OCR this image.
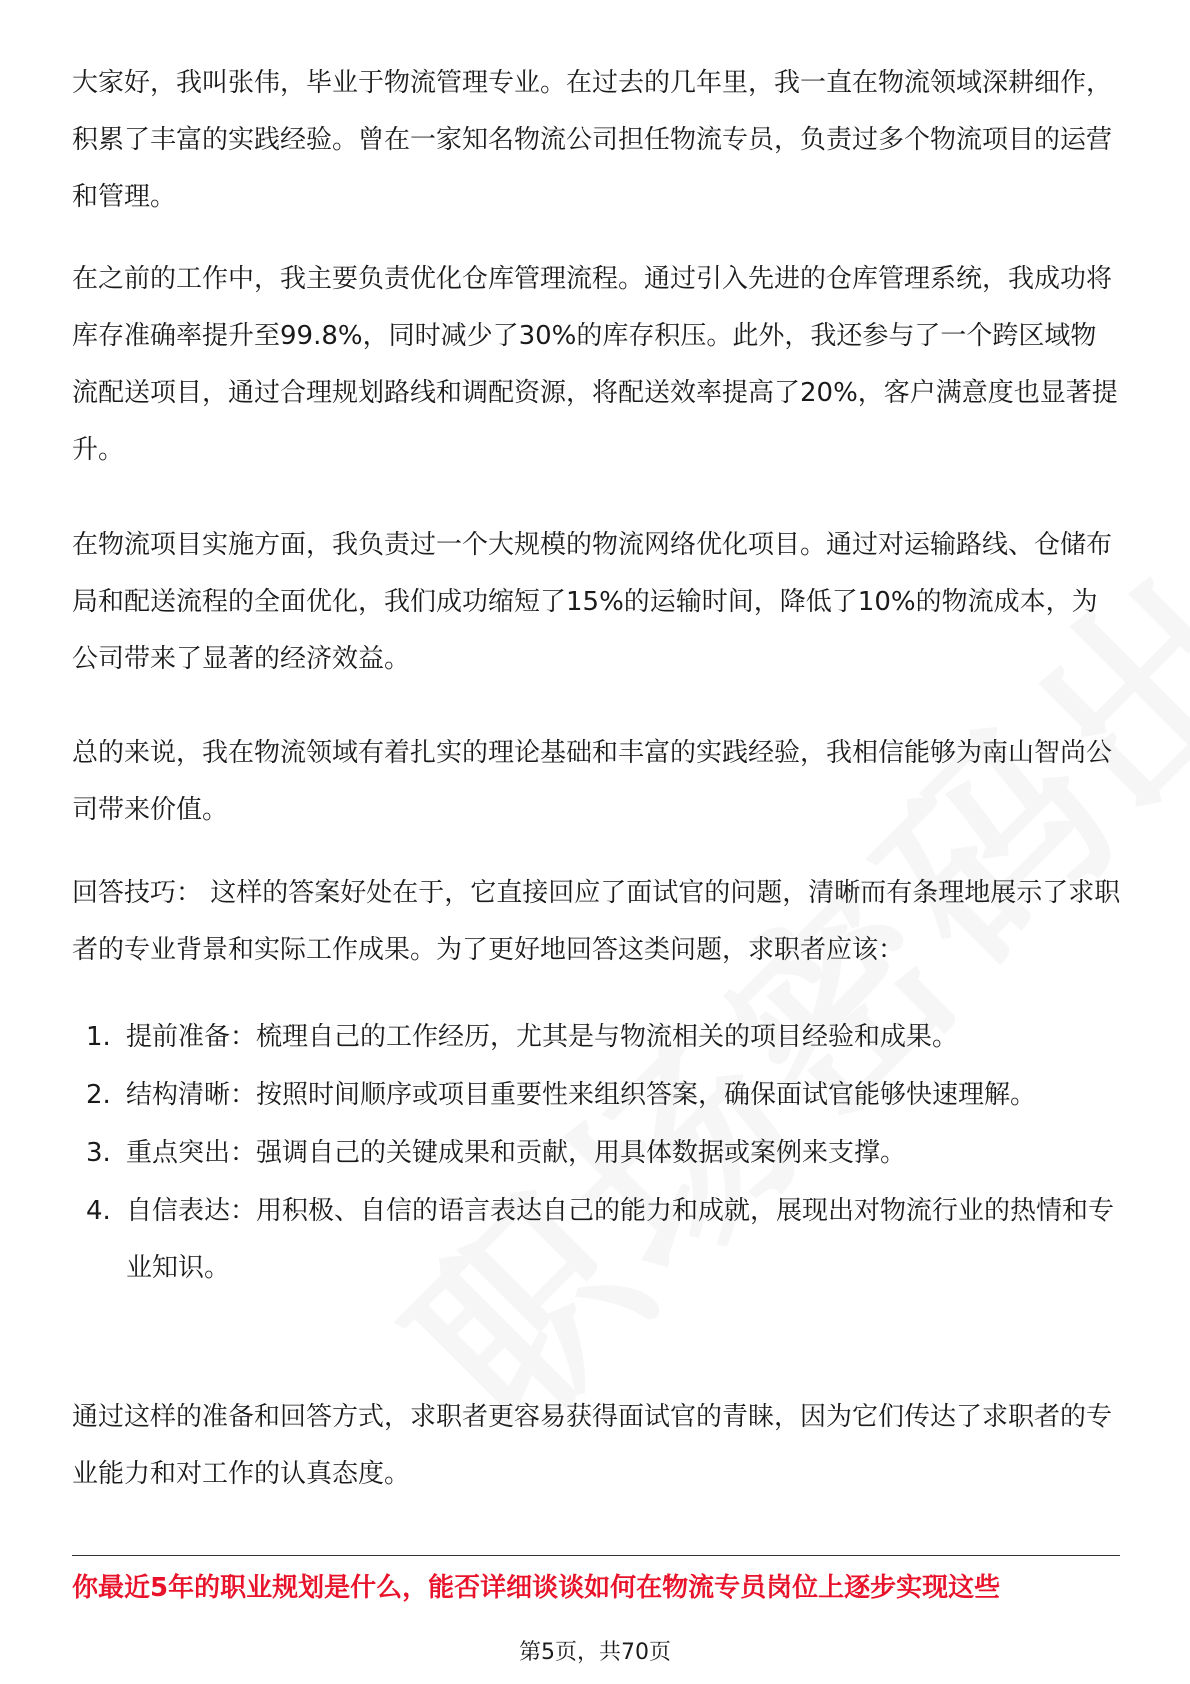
大家好，我叫张伟，毕业于物流管理专业。在过去的几年里，我一直在物流领域深耕细作，积累了丰富的实践经验。曾在一家知名物流公司担任物流专员，负责过多个物流项目的运营和管理。

在之前的工作中，我主要负责优化仓库管理流程。通过引入先进的仓库管理系统，我成功将库存准确率提升至99.8%，同时减少了30%的库存积压。此外，我还参与了一个跨区域物流配送项目，通过合理规划路线和调配资源，将配送效率提高了20%，客户满意度也显著提升。

在物流项目实施方面，我负责过一个大规模的物流网络优化项目。通过对运输路线、仓储布局和配送流程的全面优化，我们成功缩短了15%的运输时间，降低了10%的物流成本，为公司带来了显著的经济效益。

总的来说，我在物流领域有着扎实的理论基础和丰富的实践经验，我相信能够为南山智尚公司带来价值。

回答技巧： 这样的答案好处在于，它直接回应了面试官的问题，清晰而有条理地展示了求职者的专业背景和实际工作成果。为了更好地回答这类问题，求职者应该：

1. 提前准备：梳理自己的工作经历，尤其是与物流相关的项目经验和成果。
2. 结构清晰：按照时间顺序或项目重要性来组织答案，确保面试官能够快速理解。
3. 重点突出：强调自己的关键成果和贡献，用具体数据或案例来支撑。
4. 自信表达：用积极、自信的语言表达自己的能力和成就，展现出对物流行业的热情和专业知识。

通过这样的准备和回答方式，求职者更容易获得面试官的青睐，因为它们传达了求职者的专业能力和对工作的认真态度。

你最近5年的职业规划是什么，能否详细谈谈如何在物流专员岗位上逐步实现这些
第5页，共70页
